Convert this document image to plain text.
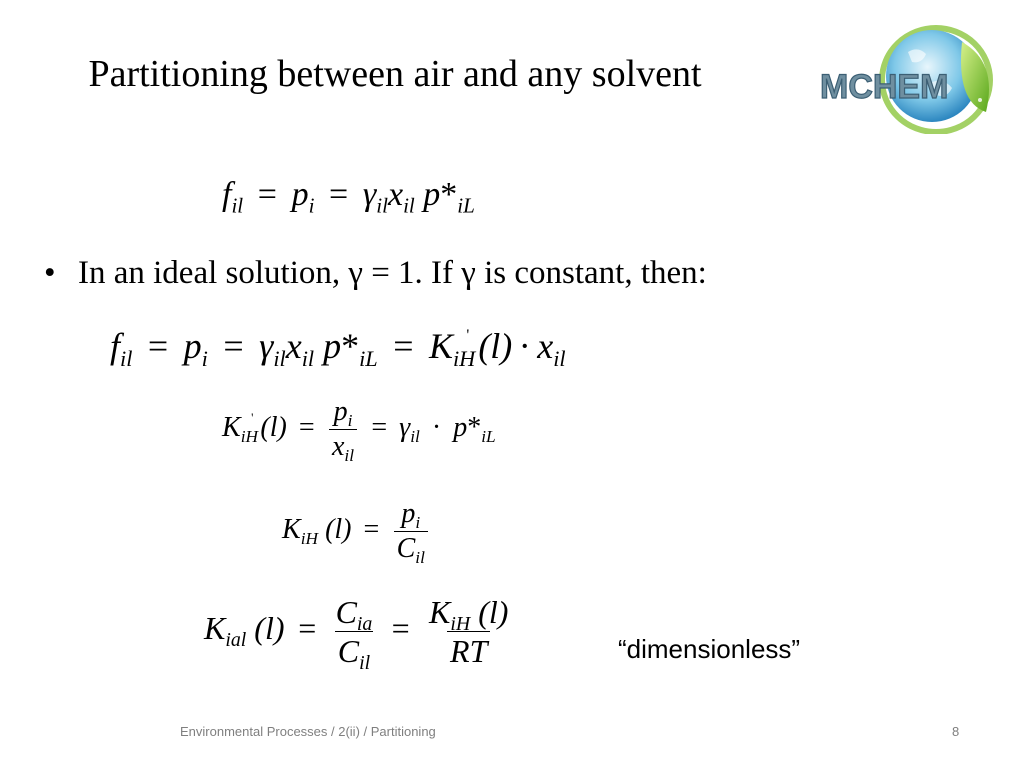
Partitioning between air and any solvent	MCHEM
$f_{il} = p_i = \gamma_{il}x_{il}$ $p*_{iL}$
• In an ideal solution, γ = 1. If γ is constant, then:
$f_{il} = p_i = \gamma_{il}x_{il}$ $p*_{iL} = K_{iH}'$ $(l) \cdot x_{il}$
$K_{iH}'$ $(l) = \frac{p_i}{x_{il}} = \gamma_{il} \cdot p*_{iL}$
$K_{iH}$ $(l) = \frac{p_i}{C_{il}}$
$K_{ial}$ $(l) = \frac{C_{ia}}{C_{il}} = \frac{K_{iH} (l)}{RT}$	“dimensionless”
Environmental Processes / 2(ii) / Partitioning	8
